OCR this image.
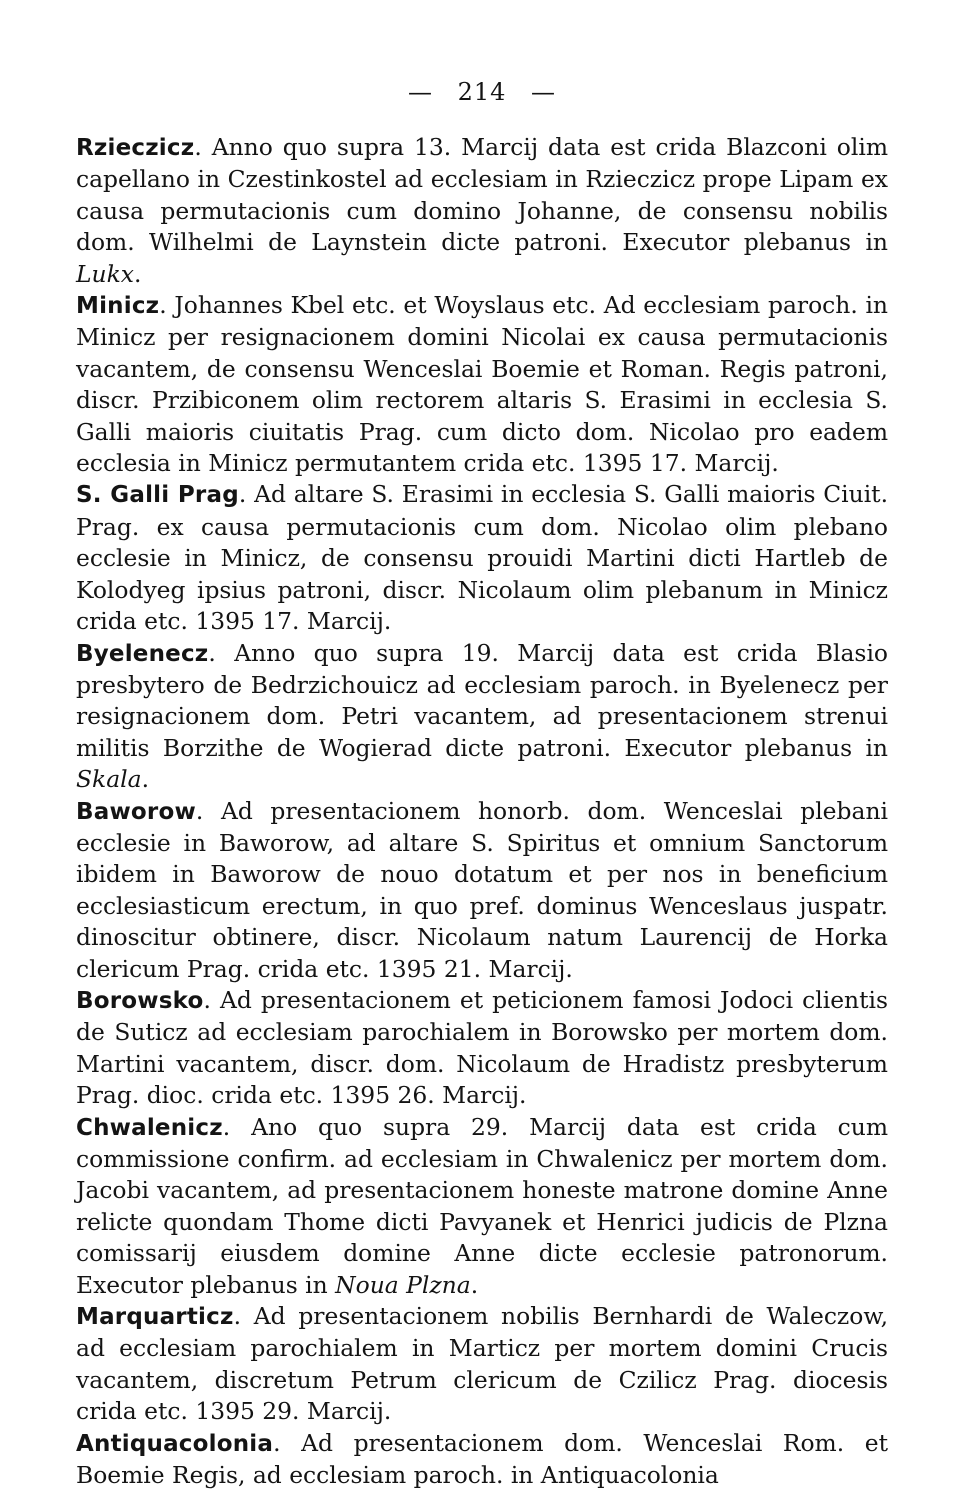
— 214 —

Rzieczicz. Anno quo supra 13. Marcij data est crida Blazconi olim capellano in Czestinkostel ad ecclesiam in Rzieczicz prope Lipam ex causa permutacionis cum domino Johanne, de consensu nobilis dom. Wilhelmi de Laynstein dicte patroni. Executor plebanus in Lukx.

Minicz. Johannes Kbel etc. et Woyslaus etc. Ad ecclesiam paroch. in Minicz per resignacionem domini Nicolai ex causa permutacionis vacantem, de consensu Wenceslai Boemie et Roman. Regis patroni, discr. Przibiconem olim rectorem altaris S. Erasimi in ecclesia S. Galli maioris ciuitatis Prag. cum dicto dom. Nicolao pro eadem ecclesia in Minicz permutantem crida etc. 1395 17. Marcij.

S. Galli Prag. Ad altare S. Erasimi in ecclesia S. Galli maioris Ciuit. Prag. ex causa permutacionis cum dom. Nicolao olim plebano ecclesie in Minicz, de consensu prouidi Martini dicti Hartleb de Kolodyeg ipsius patroni, discr. Nicolaum olim plebanum in Minicz crida etc. 1395 17. Marcij.

Byelenecz. Anno quo supra 19. Marcij data est crida Blasio presbytero de Bedrzichouicz ad ecclesiam paroch. in Byelenecz per resignacionem dom. Petri vacantem, ad presentacionem strenui militis Borzithe de Wogierad dicte patroni. Executor plebanus in Skala.

Baworow. Ad presentacionem honorb. dom. Wenceslai plebani ecclesie in Baworow, ad altare S. Spiritus et omnium Sanctorum ibidem in Baworow de nouo dotatum et per nos in beneficium ecclesiasticum erectum, in quo pref. dominus Wenceslaus juspatr. dinoscitur obtinere, discr. Nicolaum natum Laurencij de Horka clericum Prag. crida etc. 1395 21. Marcij.

Borowsko. Ad presentacionem et peticionem famosi Jodoci clientis de Suticz ad ecclesiam parochialem in Borowsko per mortem dom. Martini vacantem, discr. dom. Nicolaum de Hradistz presbyterum Prag. dioc. crida etc. 1395 26. Marcij.

Chwalenicz. Ano quo supra 29. Marcij data est crida cum commissione confirm. ad ecclesiam in Chwalenicz per mortem dom. Jacobi vacantem, ad presentacionem honeste matrone domine Anne relicte quondam Thome dicti Pavyanek et Henrici judicis de Plzna comissarij eiusdem domine Anne dicte ecclesie patronorum. Executor plebanus in Noua Plzna.

Marquarticz. Ad presentacionem nobilis Bernhardi de Waleczow, ad ecclesiam parochialem in Marticz per mortem domini Crucis vacantem, discretum Petrum clericum de Czilicz Prag. diocesis crida etc. 1395 29. Marcij.

Antiquacolonia. Ad presentacionem dom. Wenceslai Rom. et Boemie Regis, ad ecclesiam paroch. in Antiquacolonia
